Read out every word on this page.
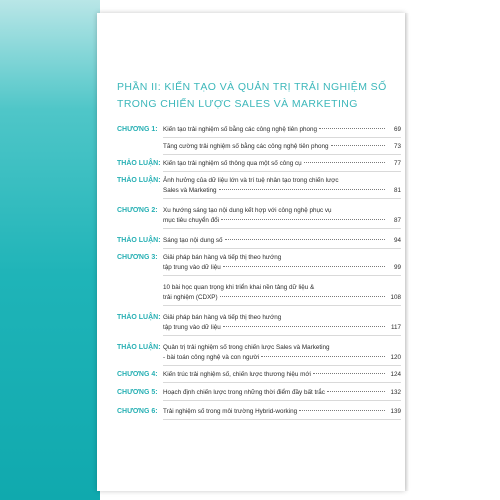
PHẦN II: KIẾN TẠO VÀ QUẢN TRỊ TRẢI NGHIỆM SỐ
TRONG CHIẾN LƯỢC SALES VÀ MARKETING
CHƯƠNG 1: Kiến tạo trải nghiệm số bằng các công nghệ tiên phong	69
Tăng cường trải nghiệm số bằng các công nghệ tiên phong	73
THẢO LUẬN: Kiến tạo trải nghiệm số thông qua một số công cụ	77
THẢO LUẬN: Ảnh hưởng của dữ liệu lớn và trí tuệ nhân tạo trong chiến lược
Sales và Marketing	81
CHƯƠNG 2: Xu hướng sáng tạo nội dung kết hợp với công nghệ phục vụ
mục tiêu chuyển đổi	87
THẢO LUẬN: Sáng tạo nội dung số	94
CHƯƠNG 3: Giải pháp bán hàng và tiếp thị theo hướng
tập trung vào dữ liệu	99
10 bài học quan trọng khi triển khai nền tảng dữ liệu &
trải nghiệm (CDXP)	108
THẢO LUẬN: Giải pháp bán hàng và tiếp thị theo hướng
tập trung vào dữ liệu	117
THẢO LUẬN: Quản trị trải nghiệm số trong chiến lược Sales và Marketing
- bài toán công nghệ và con người	120
CHƯƠNG 4: Kiến trúc trải nghiệm số, chiến lược thương hiệu mới	124
CHƯƠNG 5: Hoạch định chiến lược trong những thời điểm đầy bất trắc	132
CHƯƠNG 6: Trải nghiệm số trong môi trường Hybrid-working	139
